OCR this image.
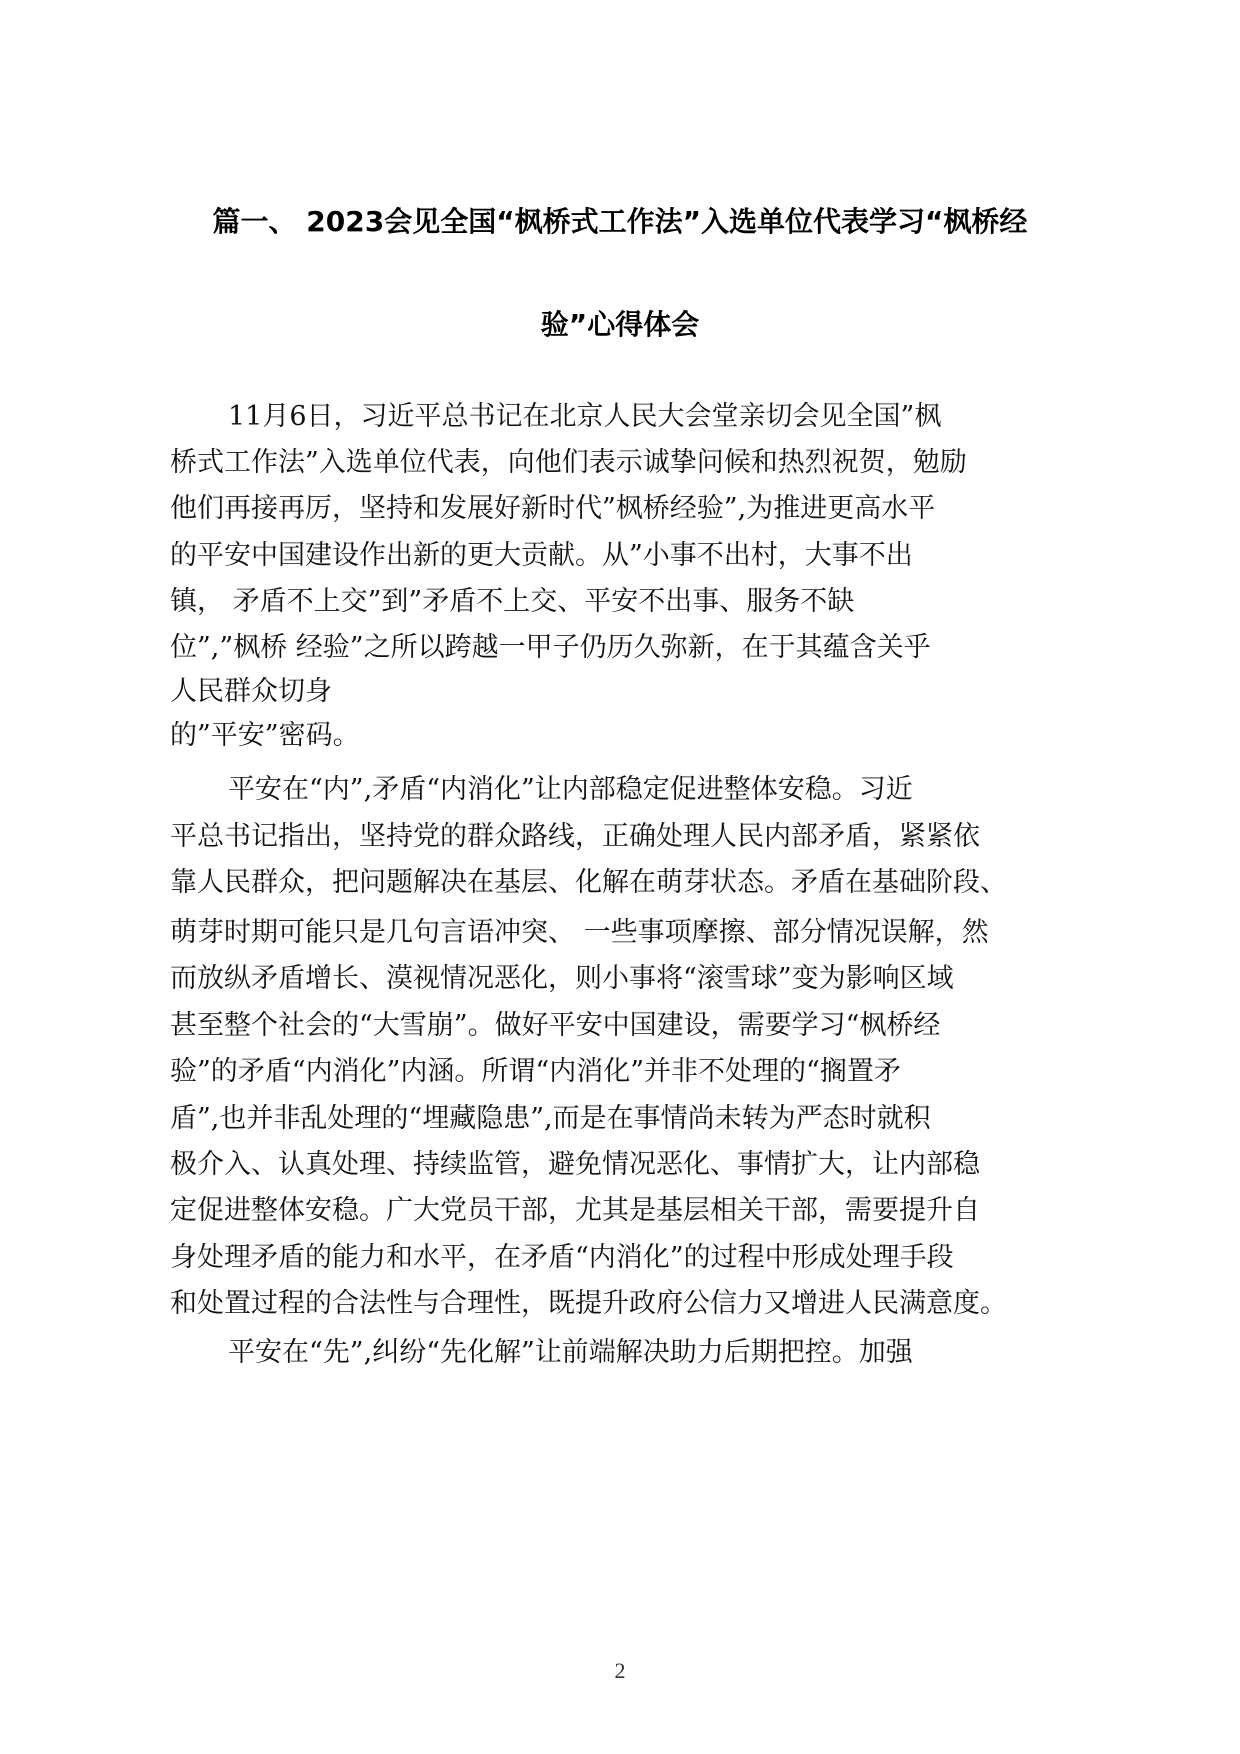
篇一、 2023会见全国“枫桥式工作法”入选单位代表学习“枫桥经
验”心得体会
11月6日，习近平总书记在北京人民大会堂亲切会见全国”枫
桥式工作法”入选单位代表，向他们表示诚挚问候和热烈祝贺，勉励
他们再接再厉，坚持和发展好新时代”枫桥经验”,为推进更高水平
的平安中国建设作出新的更大贡献。从”小事不出村，大事不出
镇， 矛盾不上交”到”矛盾不上交、平安不出事、服务不缺
位”,”枫桥 经验”之所以跨越一甲子仍历久弥新，在于其蕴含关乎
人民群众切身
的”平安”密码。
平安在“内”,矛盾“内消化”让内部稳定促进整体安稳。习近
平总书记指出，坚持党的群众路线，正确处理人民内部矛盾，紧紧依
靠人民群众，把问题解决在基层、化解在萌芽状态。矛盾在基础阶段、
萌芽时期可能只是几句言语冲突、 一些事项摩擦、部分情况误解，然
而放纵矛盾增长、漠视情况恶化，则小事将“滚雪球”变为影响区域
甚至整个社会的“大雪崩”。做好平安中国建设，需要学习“枫桥经
验”的矛盾“内消化”内涵。所谓“内消化”并非不处理的“搁置矛
盾”,也并非乱处理的“埋藏隐患”,而是在事情尚未转为严态时就积
极介入、认真处理、持续监管，避免情况恶化、事情扩大，让内部稳
定促进整体安稳。广大党员干部，尤其是基层相关干部，需要提升自
身处理矛盾的能力和水平，在矛盾“内消化”的过程中形成处理手段
和处置过程的合法性与合理性，既提升政府公信力又增进人民满意度。
平安在“先”,纠纷“先化解”让前端解决助力后期把控。加强
2
